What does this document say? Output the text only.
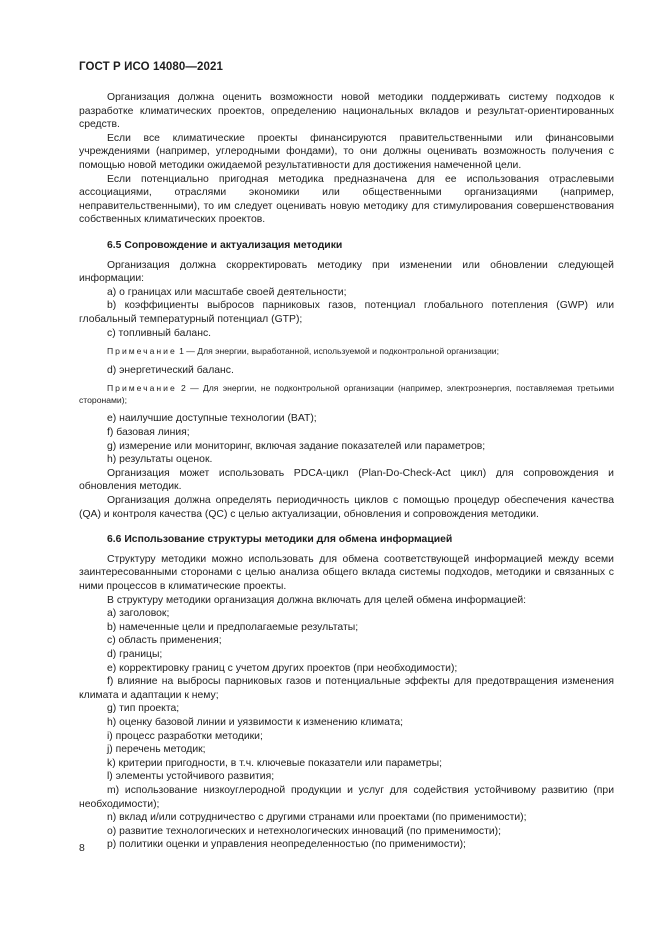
ГОСТ Р ИСО 14080—2021

Организация должна оценить возможности новой методики поддерживать систему подходов к разработке климатических проектов, определению национальных вкладов и результат-ориентированных средств.

Если все климатические проекты финансируются правительственными или финансовыми учреждениями (например, углеродными фондами), то они должны оценивать возможность получения с помощью новой методики ожидаемой результативности для достижения намеченной цели.

Если потенциально пригодная методика предназначена для ее использования отраслевыми ассоциациями, отраслями экономики или общественными организациями (например, неправительственными), то им следует оценивать новую методику для стимулирования совершенствования собственных климатических проектов.

6.5 Сопровождение и актуализация методики

Организация должна скорректировать методику при изменении или обновлении следующей информации:

a) о границах или масштабе своей деятельности;
b) коэффициенты выбросов парниковых газов, потенциал глобального потепления (GWP) или глобальный температурный потенциал (GTP);
c) топливный баланс.
Примечание 1 — Для энергии, выработанной, используемой и подконтрольной организации;
d) энергетический баланс.
Примечание 2 — Для энергии, не подконтрольной организации (например, электроэнергия, поставляемая третьими сторонами);
e) наилучшие доступные технологии (BAT);
f) базовая линия;
g) измерение или мониторинг, включая задание показателей или параметров;
h) результаты оценок.

Организация может использовать PDCA-цикл (Plan-Do-Check-Act цикл) для сопровождения и обновления методик.

Организация должна определять периодичность циклов с помощью процедур обеспечения качества (QA) и контроля качества (QC) с целью актуализации, обновления и сопровождения методики.

6.6 Использование структуры методики для обмена информацией

Структуру методики можно использовать для обмена соответствующей информацией между всеми заинтересованными сторонами с целью анализа общего вклада системы подходов, методики и связанных с ними процессов в климатические проекты.

В структуру методики организация должна включать для целей обмена информацией:

a) заголовок;
b) намеченные цели и предполагаемые результаты;
c) область применения;
d) границы;
e) корректировку границ с учетом других проектов (при необходимости);
f) влияние на выбросы парниковых газов и потенциальные эффекты для предотвращения изменения климата и адаптации к нему;
g) тип проекта;
h) оценку базовой линии и уязвимости к изменению климата;
i) процесс разработки методики;
j) перечень методик;
k) критерии пригодности, в т.ч. ключевые показатели или параметры;
l) элементы устойчивого развития;
m) использование низкоуглеродной продукции и услуг для содействия устойчивому развитию (при необходимости);
n) вклад и/или сотрудничество с другими странами или проектами (по применимости);
o) развитие технологических и нетехнологических инноваций (по применимости);
p) политики оценки и управления неопределенностью (по применимости);
8
